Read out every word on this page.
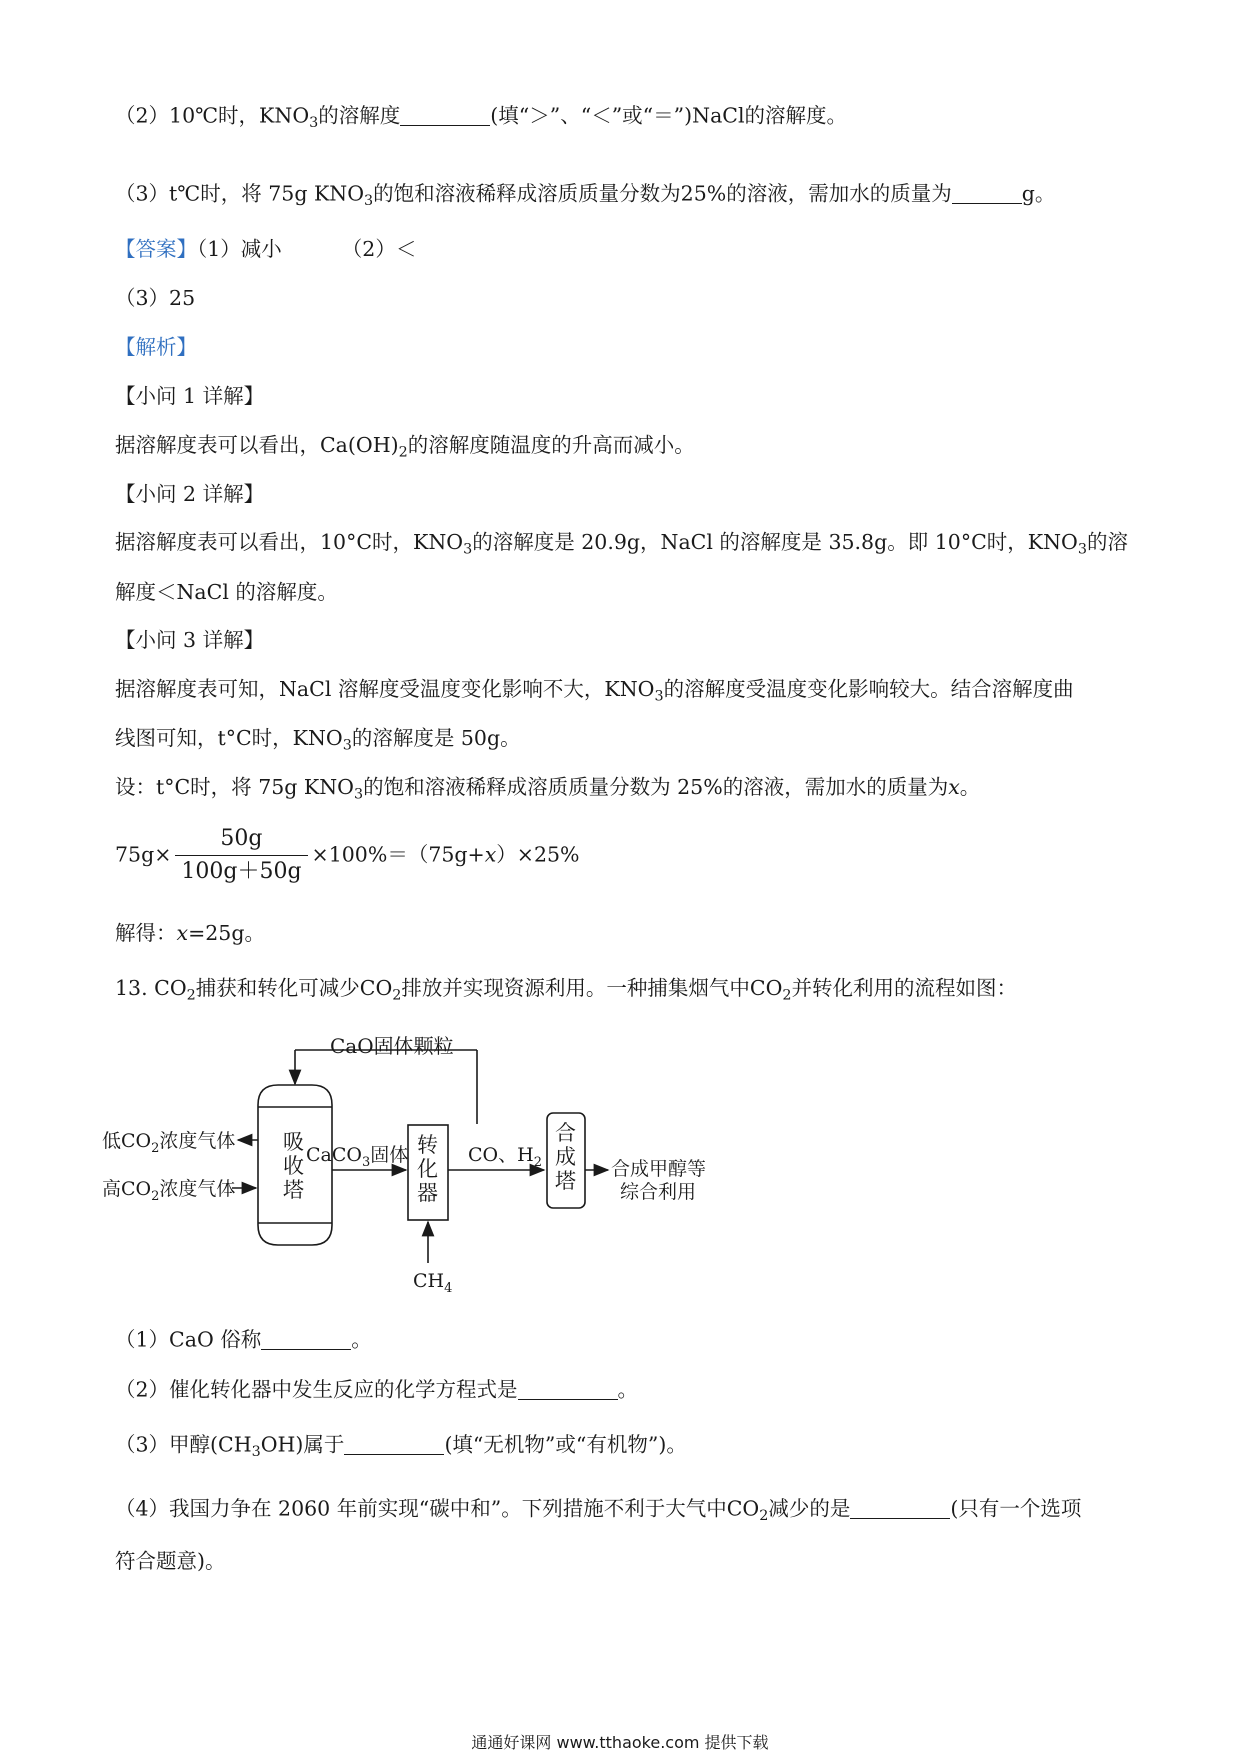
（2）10℃时，$KNO_3$的溶解度	(填“＞”、“＜”或“＝”)NaCl的溶解度。
（3）t℃时，将 75g $KNO_3$的饱和溶液稀释成溶质质量分数为25%的溶液，需加水的质量为	g。
【答案】（1）减小	（2）＜
（3）25
【解析】
【小问 1 详解】
据溶解度表可以看出，$Ca(OH)_2$的溶解度随温度的升高而减小。
【小问 2 详解】
据溶解度表可以看出，10°C时，$KNO_3$的溶解度是 20.9g，NaCl 的溶解度是 35.8g。即 10°C时，$KNO_3$的溶
解度＜NaCl 的溶解度。
【小问 3 详解】
据溶解度表可知，NaCl 溶解度受温度变化影响不大，$KNO_3$的溶解度受温度变化影响较大。结合溶解度曲
线图可知，t°C时，$KNO_3$的溶解度是 50g。
设：t°C时，将 75g $KNO_3$的饱和溶液稀释成溶质质量分数为 25%的溶液，需加水的质量为x。
$75g\times \frac{50g}{100g+50g} \times 100\%=(75g+x)\times 25\%$
解得：x=25g。
13. $CO_2$捕获和转化可减少$CO_2$排放并实现资源利用。一种捕集烟气中$CO_2$并转化利用的流程如图：
CaO固体颗粒
吸
收
塔
低$CO_2$浓度气体
高$CO_2$浓度气体
CaCO$_3$固体 转
化
器
$CH_4$
CO、$H_2$
合
成
塔 合成甲醇等
综合利用
（1）CaO 俗称	。
（2）催化转化器中发生反应的化学方程式是	。
（3）甲醇$(CH_3OH)$属于	(填“无机物”或“有机物”)。
（4）我国力争在 2060 年前实现“碳中和”。下列措施不利于大气中$CO_2$减少的是	(只有一个选项
符合题意)。
通通好课网 www.tthaoke.com 提供下载
